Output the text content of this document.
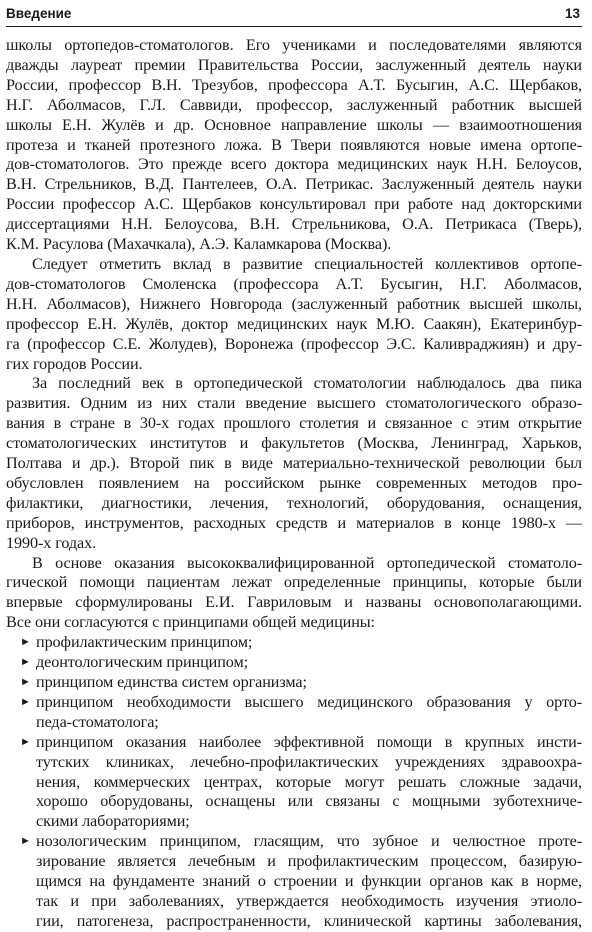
Введение	13
школы ортопедов-стоматологов. Его учениками и последователями являются
дважды лауреат премии Правительства России, заслуженный деятель науки
России, профессор В.Н. Трезубов, профессора А.Т. Бусыгин, А.С. Щербаков,
Н.Г. Аболмасов, Г.Л. Саввиди, профессор, заслуженный работник высшей
школы Е.Н. Жулёв и др. Основное направление школы — взаимоотношения
протеза и тканей протезного ложа. В Твери появляются новые имена ортопе-
дов-стоматологов. Это прежде всего доктора медицинских наук Н.Н. Белоусов,
В.Н. Стрельников, В.Д. Пантелеев, О.А. Петрикас. Заслуженный деятель науки
России профессор А.С. Щербаков консультировал при работе над докторскими
диссертациями Н.Н. Белоусова, В.Н. Стрельникова, О.А. Петрикаса (Тверь),
К.М. Расулова (Махачкала), А.Э. Каламкарова (Москва).
Следует отметить вклад в развитие специальностей коллективов ортопе-
дов-стоматологов Смоленска (профессора А.Т. Бусыгин, Н.Г. Аболмасов,
Н.Н. Аболмасов), Нижнего Новгорода (заслуженный работник высшей школы,
профессор Е.Н. Жулёв, доктор медицинских наук М.Ю. Саакян), Екатеринбур-
га (профессор С.Е. Жолудев), Воронежа (профессор Э.С. Каливраджиян) и дру-
гих городов России.
За последний век в ортопедической стоматологии наблюдалось два пика
развития. Одним из них стали введение высшего стоматологического образо-
вания в стране в 30-х годах прошлого столетия и связанное с этим открытие
стоматологических институтов и факультетов (Москва, Ленинград, Харьков,
Полтава и др.). Второй пик в виде материально-технической революции был
обусловлен появлением на российском рынке современных методов про-
филактики, диагностики, лечения, технологий, оборудования, оснащения,
приборов, инструментов, расходных средств и материалов в конце 1980-х —
1990-х годах.
В основе оказания высококвалифицированной ортопедической стоматоло-
гической помощи пациентам лежат определенные принципы, которые были
впервые сформулированы Е.И. Гавриловым и названы основополагающими.
Все они согласуются с принципами общей медицины:
► профилактическим принципом;
► деонтологическим принципом;
► принципом единства систем организма;
► принципом необходимости высшего медицинского образования у орто-
педа-стоматолога;
► принципом оказания наиболее эффективной помощи в крупных инсти-
тутских клиниках, лечебно-профилактических учреждениях здравоохра-
нения, коммерческих центрах, которые могут решать сложные задачи,
хорошо оборудованы, оснащены или связаны с мощными зуботехниче-
скими лабораториями;
► нозологическим принципом, гласящим, что зубное и челюстное проте-
зирование является лечебным и профилактическим процессом, базирую-
щимся на фундаменте знаний о строении и функции органов как в норме,
так и при заболеваниях, утверждается необходимость изучения этиоло-
гии, патогенеза, распространенности, клинической картины заболевания,
